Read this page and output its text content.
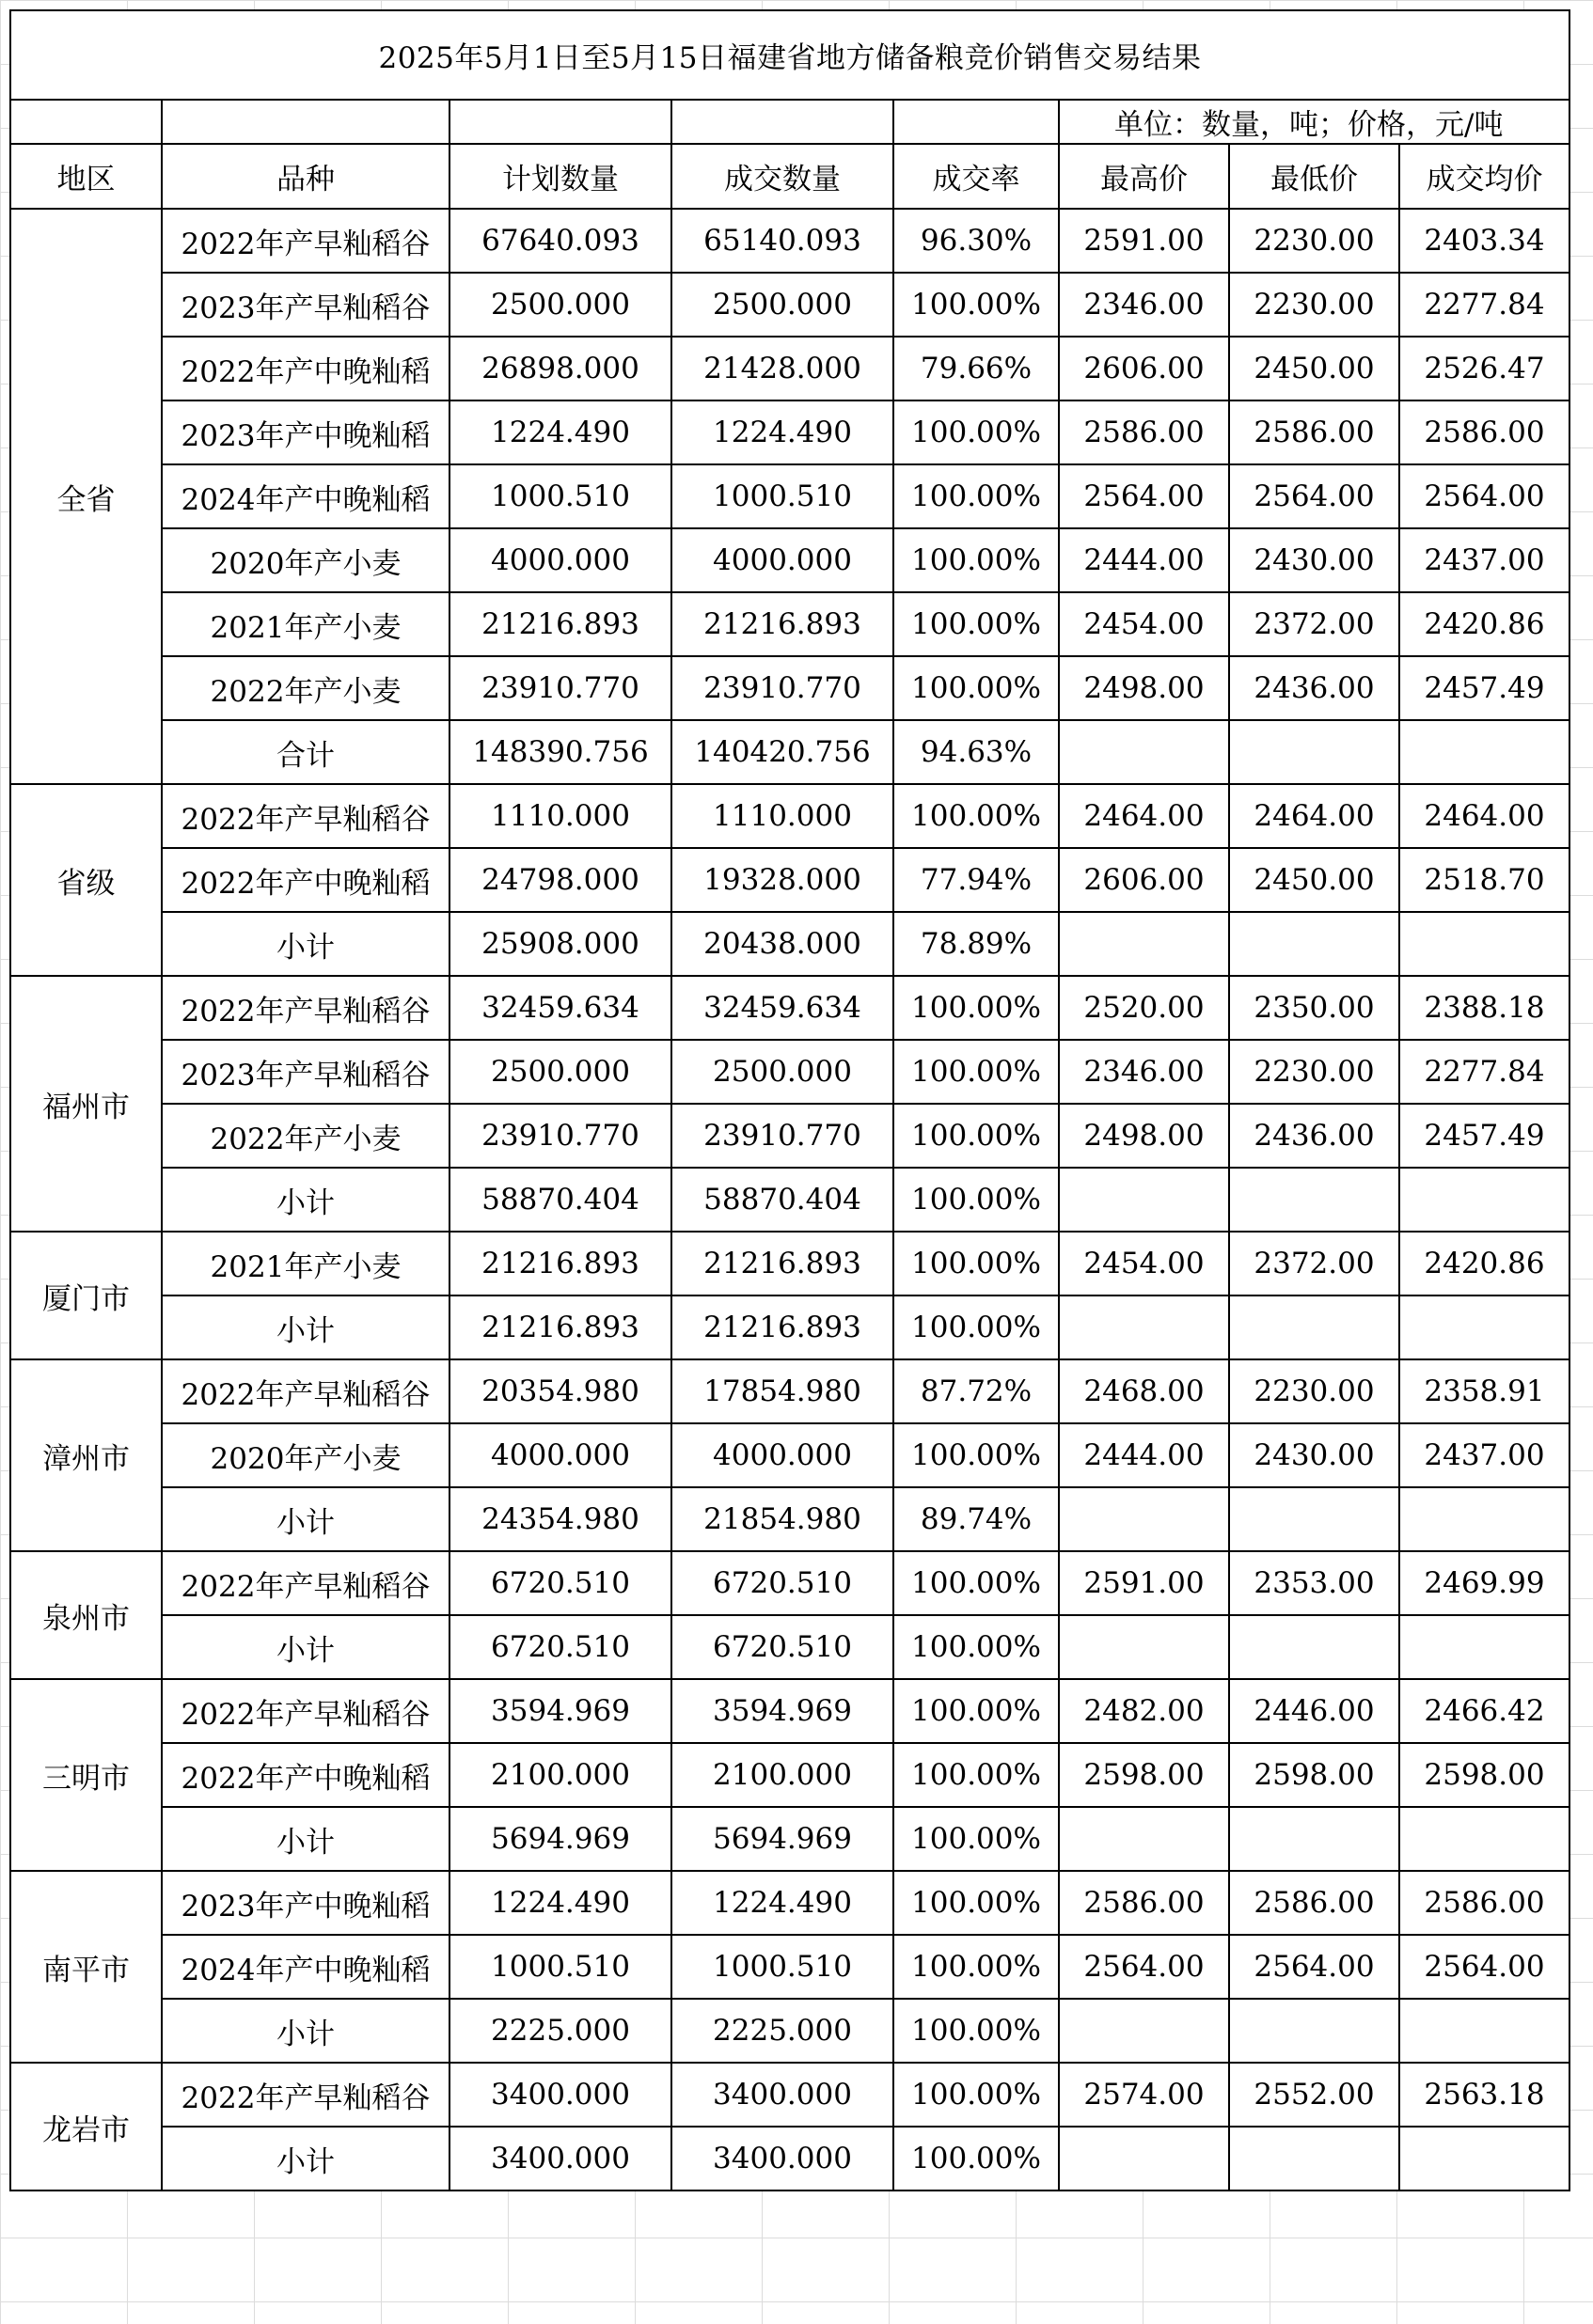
2025年5月1日至5月15日福建省地方储备粮竞价销售交易结果							
					单位：数量，吨；价格，元/吨		
地区	品种	计划数量	成交数量	成交率	最高价	最低价	成交均价
全省	2022年产早籼稻谷	67640.093	65140.093	96.30%	2591.00	2230.00	2403.34
	2023年产早籼稻谷	2500.000	2500.000	100.00%	2346.00	2230.00	2277.84
	2022年产中晚籼稻	26898.000	21428.000	79.66%	2606.00	2450.00	2526.47
	2023年产中晚籼稻	1224.490	1224.490	100.00%	2586.00	2586.00	2586.00
	2024年产中晚籼稻	1000.510	1000.510	100.00%	2564.00	2564.00	2564.00
	2020年产小麦	4000.000	4000.000	100.00%	2444.00	2430.00	2437.00
	2021年产小麦	21216.893	21216.893	100.00%	2454.00	2372.00	2420.86
	2022年产小麦	23910.770	23910.770	100.00%	2498.00	2436.00	2457.49
	合计	148390.756	140420.756	94.63%			
省级	2022年产早籼稻谷	1110.000	1110.000	100.00%	2464.00	2464.00	2464.00
	2022年产中晚籼稻	24798.000	19328.000	77.94%	2606.00	2450.00	2518.70
	小计	25908.000	20438.000	78.89%			
福州市	2022年产早籼稻谷	32459.634	32459.634	100.00%	2520.00	2350.00	2388.18
	2023年产早籼稻谷	2500.000	2500.000	100.00%	2346.00	2230.00	2277.84
	2022年产小麦	23910.770	23910.770	100.00%	2498.00	2436.00	2457.49
	小计	58870.404	58870.404	100.00%			
厦门市	2021年产小麦	21216.893	21216.893	100.00%	2454.00	2372.00	2420.86
	小计	21216.893	21216.893	100.00%			
漳州市	2022年产早籼稻谷	20354.980	17854.980	87.72%	2468.00	2230.00	2358.91
	2020年产小麦	4000.000	4000.000	100.00%	2444.00	2430.00	2437.00
	小计	24354.980	21854.980	89.74%			
泉州市	2022年产早籼稻谷	6720.510	6720.510	100.00%	2591.00	2353.00	2469.99
	小计	6720.510	6720.510	100.00%			
三明市	2022年产早籼稻谷	3594.969	3594.969	100.00%	2482.00	2446.00	2466.42
	2022年产中晚籼稻	2100.000	2100.000	100.00%	2598.00	2598.00	2598.00
	小计	5694.969	5694.969	100.00%			
南平市	2023年产中晚籼稻	1224.490	1224.490	100.00%	2586.00	2586.00	2586.00
	2024年产中晚籼稻	1000.510	1000.510	100.00%	2564.00	2564.00	2564.00
	小计	2225.000	2225.000	100.00%			
龙岩市	2022年产早籼稻谷	3400.000	3400.000	100.00%	2574.00	2552.00	2563.18
	小计	3400.000	3400.000	100.00%			
